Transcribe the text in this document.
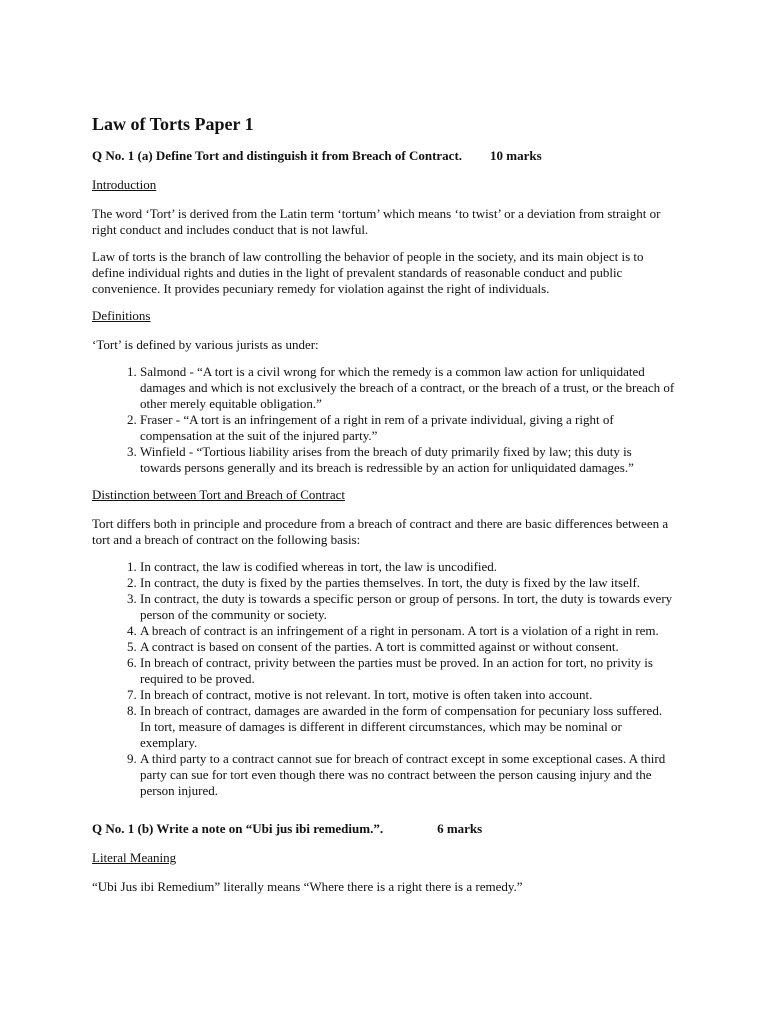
Law of Torts Paper 1
Q No. 1 (a) Define Tort and distinguish it from Breach of Contract. 10 marks
Introduction

The word ‘Tort’ is derived from the Latin term ‘tortum’ which means ‘to twist’ or a deviation from straight or right conduct and includes conduct that is not lawful.

Law of torts is the branch of law controlling the behavior of people in the society, and its main object is to define individual rights and duties in the light of prevalent standards of reasonable conduct and public convenience. It provides pecuniary remedy for violation against the right of individuals.

Definitions

‘Tort’ is defined by various jurists as under:

1. Salmond - “A tort is a civil wrong for which the remedy is a common law action for unliquidated damages and which is not exclusively the breach of a contract, or the breach of a trust, or the breach of other merely equitable obligation.”
2. Fraser - “A tort is an infringement of a right in rem of a private individual, giving a right of compensation at the suit of the injured party.”
3. Winfield - “Tortious liability arises from the breach of duty primarily fixed by law; this duty is towards persons generally and its breach is redressible by an action for unliquidated damages.”
Distinction between Tort and Breach of Contract

Tort differs both in principle and procedure from a breach of contract and there are basic differences between a tort and a breach of contract on the following basis:

1. In contract, the law is codified whereas in tort, the law is uncodified.
2. In contract, the duty is fixed by the parties themselves. In tort, the duty is fixed by the law itself.
3. In contract, the duty is towards a specific person or group of persons. In tort, the duty is towards every person of the community or society.
4. A breach of contract is an infringement of a right in personam. A tort is a violation of a right in rem.
5. A contract is based on consent of the parties. A tort is committed against or without consent.
6. In breach of contract, privity between the parties must be proved. In an action for tort, no privity is required to be proved.
7. In breach of contract, motive is not relevant. In tort, motive is often taken into account.
8. In breach of contract, damages are awarded in the form of compensation for pecuniary loss suffered. In tort, measure of damages is different in different circumstances, which may be nominal or exemplary.
9. A third party to a contract cannot sue for breach of contract except in some exceptional cases. A third party can sue for tort even though there was no contract between the person causing injury and the person injured.
Q No. 1 (b) Write a note on “Ubi jus ibi remedium.”.	6 marks
Literal Meaning

“Ubi Jus ibi Remedium” literally means “Where there is a right there is a remedy.”
